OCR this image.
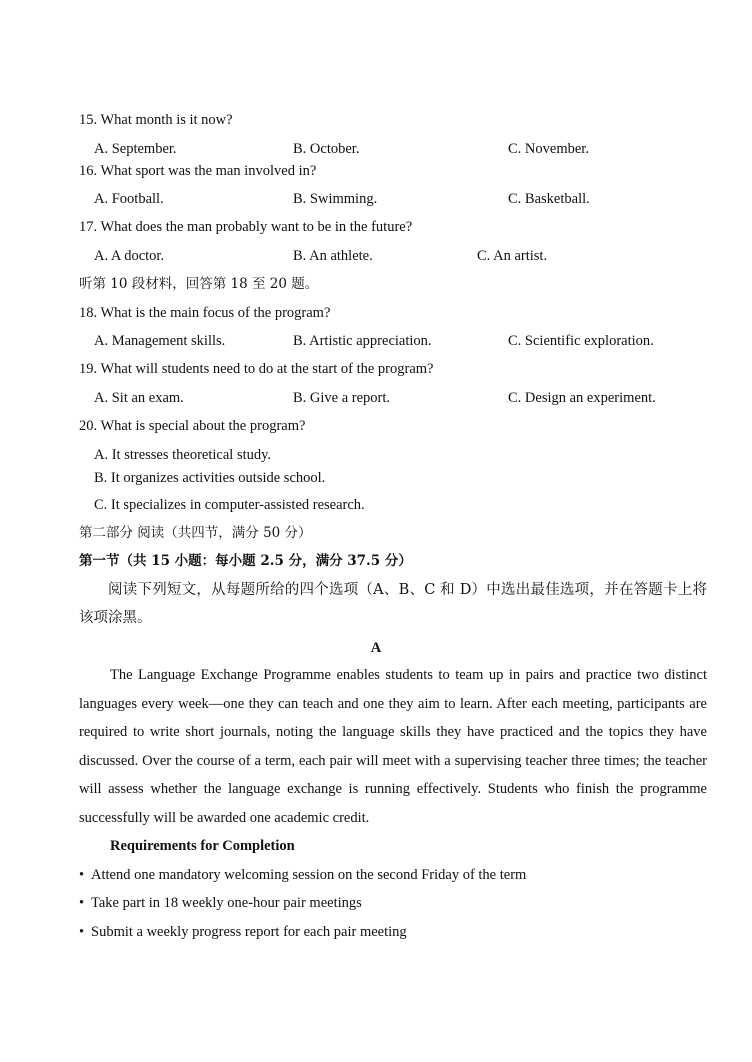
15. What month is it now?
A. September.	B. October.	C. November.
16. What sport was the man involved in?
A. Football.	B. Swimming.	C. Basketball.
17. What does the man probably want to be in the future?
A. A doctor.	B. An athlete.	C. An artist.
听第 10 段材料，回答第 18 至 20 题。
18. What is the main focus of the program?
A. Management skills.	B. Artistic appreciation.	C. Scientific exploration.
19. What will students need to do at the start of the program?
A. Sit an exam.	B. Give a report.	C. Design an experiment.
20. What is special about the program?
A. It stresses theoretical study.
B. It organizes activities outside school.
C. It specializes in computer-assisted research.
第二部分 阅读（共四节，满分 50 分）
第一节（共 15 小题：每小题 2.5 分，满分 37.5 分）
阅读下列短文，从每题所给的四个选项（A、B、C 和 D）中选出最佳选项，并在答题卡上将该项涂黑。
A
The Language Exchange Programme enables students to team up in pairs and practice two distinct languages every week—one they can teach and one they aim to learn. After each meeting, participants are required to write short journals, noting the language skills they have practiced and the topics they have discussed. Over the course of a term, each pair will meet with a supervising teacher three times; the teacher will assess whether the language exchange is running effectively. Students who finish the programme successfully will be awarded one academic credit.
Requirements for Completion
• Attend one mandatory welcoming session on the second Friday of the term
• Take part in 18 weekly one-hour pair meetings
• Submit a weekly progress report for each pair meeting
